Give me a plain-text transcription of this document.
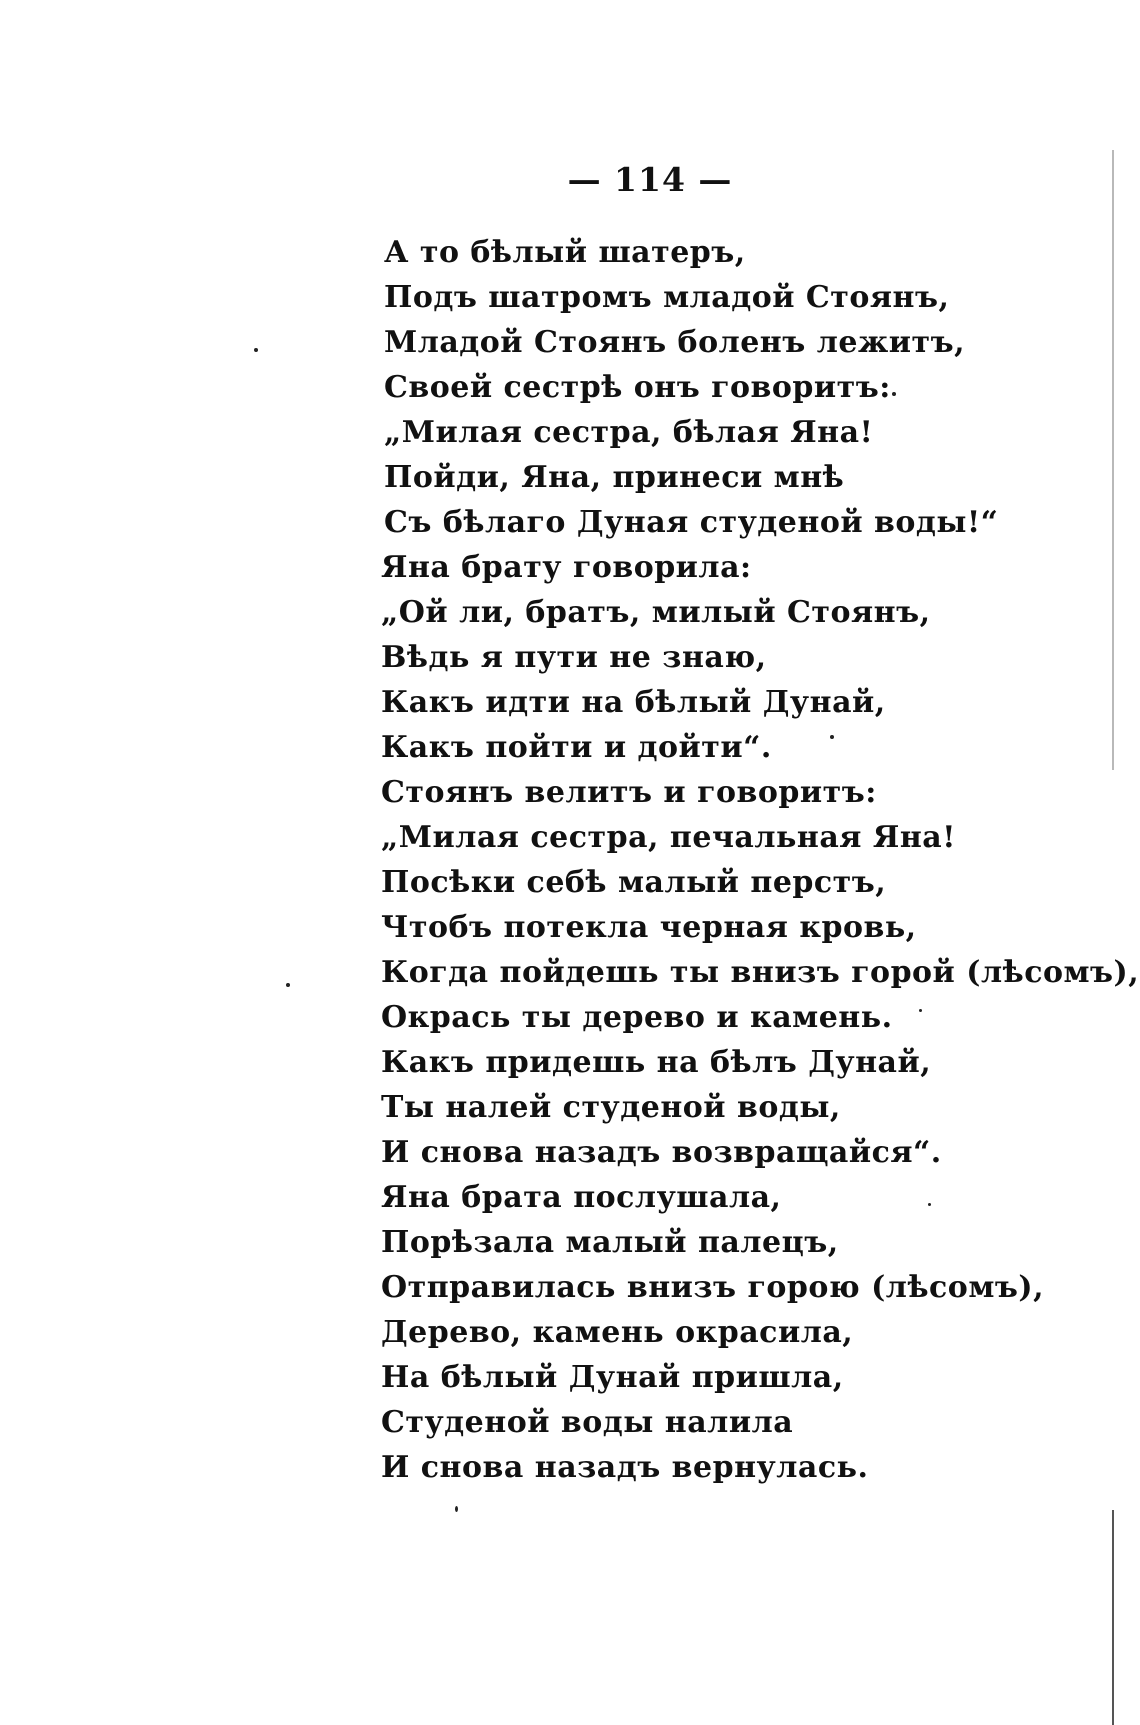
— 114 —
А то бѣлый шатеръ,
Подъ шатромъ младой Стоянъ,
Младой Стоянъ боленъ лежитъ,
Своей сестрѣ онъ говоритъ:
„Милая сестра, бѣлая Яна!
Пойди, Яна, принеси мнѣ
Съ бѣлаго Дуная студеной воды!“
Яна брату говорила:
„Ой ли, братъ, милый Стоянъ,
Вѣдь я пути не знаю,
Какъ идти на бѣлый Дунай,
Какъ пойти и дойти“.
Стоянъ велитъ и говоритъ:
„Милая сестра, печальная Яна!
Посѣки себѣ малый перстъ,
Чтобъ потекла черная кровь,
Когда пойдешь ты внизъ горой (лѣсомъ),
Окрась ты дерево и камень.
Какъ придешь на бѣлъ Дунай,
Ты налей студеной воды,
И снова назадъ возвращайся“.
Яна брата послушала,
Порѣзала малый палецъ,
Отправилась внизъ горою (лѣсомъ),
Дерево, камень окрасила,
На бѣлый Дунай пришла,
Студеной воды налила
И снова назадъ вернулась.
